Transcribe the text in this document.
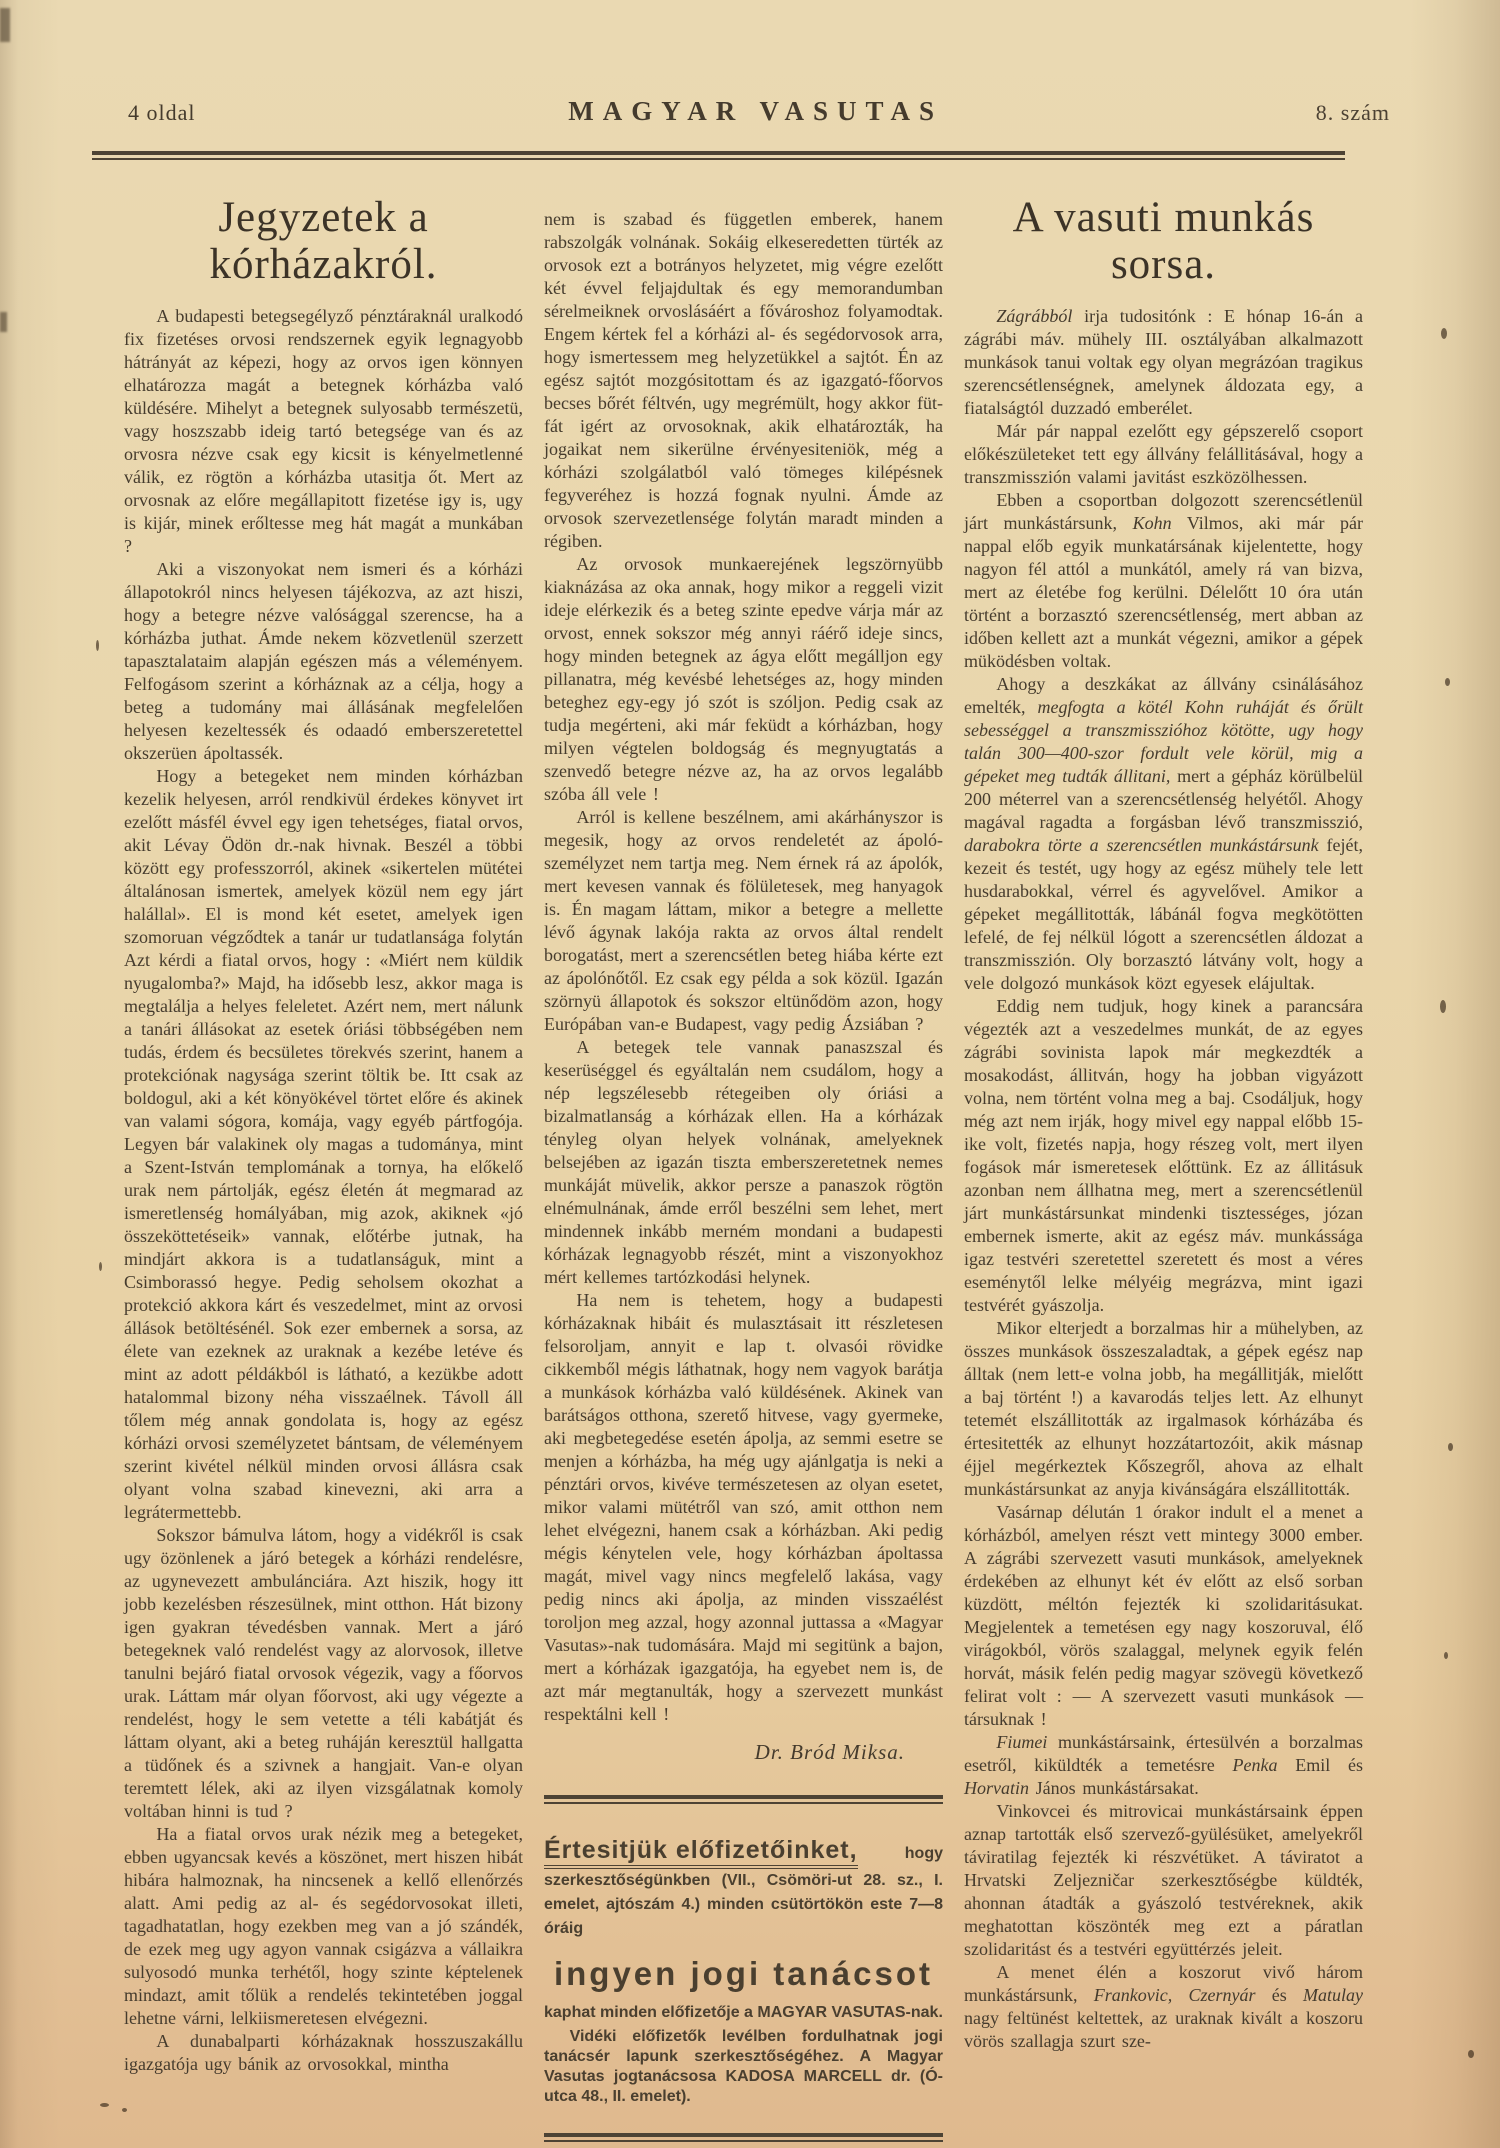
4 oldal	MAGYAR VASUTAS	8. szám
Jegyzetek a kórházakról.

A budapesti betegsegélyző pénztáraknál uralkodó fix fizetéses orvosi rendszernek egyik legnagyobb hátrányát az képezi, hogy az orvos igen könnyen elhatározza magát a betegnek kórházba való küldésére. Mihelyt a betegnek sulyosabb természetü, vagy hoszszabb ideig tartó betegsége van és az orvosra nézve csak egy kicsit is kényelmetlenné válik, ez rögtön a kórházba utasitja őt. Mert az orvosnak az előre megállapitott fizetése igy is, ugy is kijár, minek erőltesse meg hát magát a munkában ?

Aki a viszonyokat nem ismeri és a kórházi állapotokról nincs helyesen tájékozva, az azt hiszi, hogy a betegre nézve valósággal szerencse, ha a kórházba juthat. Ámde nekem közvetlenül szerzett tapasztalataim alapján egészen más a véleményem. Felfogásom szerint a kórháznak az a célja, hogy a beteg a tudomány mai állásának megfelelően helyesen kezeltessék és odaadó emberszeretettel okszerüen ápoltassék.

Hogy a betegeket nem minden kórházban kezelik helyesen, arról rendkivül érdekes könyvet irt ezelőtt másfél évvel egy igen tehetséges, fiatal orvos, akit Lévay Ödön dr.-nak hivnak. Beszél a többi között egy professzorról, akinek «sikertelen mütétei általánosan ismertek, amelyek közül nem egy járt halállal». El is mond két esetet, amelyek igen szomoruan végződtek a tanár ur tudatlansága folytán Azt kérdi a fiatal orvos, hogy : «Miért nem küldik nyugalomba?» Majd, ha idősebb lesz, akkor maga is megtalálja a helyes feleletet. Azért nem, mert nálunk a tanári állásokat az esetek óriási többségében nem tudás, érdem és becsületes törekvés szerint, hanem a protekciónak nagysága szerint töltik be. Itt csak az boldogul, aki a két könyökével törtet előre és akinek van valami sógora, komája, vagy egyéb pártfogója. Legyen bár valakinek oly magas a tudománya, mint a Szent-István templomának a tornya, ha előkelő urak nem pártolják, egész életén át megmarad az ismeretlenség homályában, mig azok, akiknek «jó összeköttetéseik» vannak, előtérbe jutnak, ha mindjárt akkora is a tudatlanságuk, mint a Csimborassó hegye. Pedig seholsem okozhat a protekció akkora kárt és veszedelmet, mint az orvosi állások betöltésénél. Sok ezer embernek a sorsa, az élete van ezeknek az uraknak a kezébe letéve és mint az adott példákból is látható, a kezükbe adott hatalommal bizony néha visszaélnek. Távoll áll tőlem még annak gondolata is, hogy az egész kórházi orvosi személyzetet bántsam, de véleményem szerint kivétel nélkül minden orvosi állásra csak olyant volna szabad kinevezni, aki arra a legrátermettebb.

Sokszor bámulva látom, hogy a vidékről is csak ugy özönlenek a járó betegek a kórházi rendelésre, az ugynevezett ambulánciára. Azt hiszik, hogy itt jobb kezelésben részesülnek, mint otthon. Hát bizony igen gyakran tévedésben vannak. Mert a járó betegeknek való rendelést vagy az alorvosok, illetve tanulni bejáró fiatal orvosok végezik, vagy a főorvos urak. Láttam már olyan főorvost, aki ugy végezte a rendelést, hogy le sem vetette a téli kabátját és láttam olyant, aki a beteg ruháján keresztül hallgatta a tüdőnek és a szivnek a hangjait. Van-e olyan teremtett lélek, aki az ilyen vizsgálatnak komoly voltában hinni is tud ?

Ha a fiatal orvos urak nézik meg a betegeket, ebben ugyancsak kevés a köszönet, mert hiszen hibát hibára halmoznak, ha nincsenek a kellő ellenőrzés alatt. Ami pedig az al- és segédorvosokat illeti, tagadhatatlan, hogy ezekben meg van a jó szándék, de ezek meg ugy agyon vannak csigázva a vállaikra sulyosodó munka terhétől, hogy szinte képtelenek mindazt, amit tőlük a rendelés tekintetében joggal lehetne várni, lelkiismeretesen elvégezni.

A dunabalparti kórházaknak hosszuszakállu igazgatója ugy bánik az orvosokkal, mintha

nem is szabad és független emberek, hanem rabszolgák volnának. Sokáig elkeseredetten türték az orvosok ezt a botrányos helyzetet, mig végre ezelőtt két évvel feljajdultak és egy memorandumban sérelmeiknek orvoslásáért a fővároshoz folyamodtak. Engem kértek fel a kórházi al- és segédorvosok arra, hogy ismertessem meg helyzetükkel a sajtót. Én az egész sajtót mozgósitottam és az igazgató-főorvos becses bőrét féltvén, ugy megrémült, hogy akkor füt-fát igért az orvosoknak, akik elhatározták, ha jogaikat nem sikerülne érvényesiteniök, még a kórházi szolgálatból való tömeges kilépésnek fegyveréhez is hozzá fognak nyulni. Ámde az orvosok szervezetlensége folytán maradt minden a régiben.

Az orvosok munkaerejének legszörnyübb kiaknázása az oka annak, hogy mikor a reggeli vizit ideje elérkezik és a beteg szinte epedve várja már az orvost, ennek sokszor még annyi ráérő ideje sincs, hogy minden betegnek az ágya előtt megálljon egy pillanatra, még kevésbé lehetséges az, hogy minden beteghez egy-egy jó szót is szóljon. Pedig csak az tudja megérteni, aki már feküdt a kórházban, hogy milyen végtelen boldogság és megnyugtatás a szenvedő betegre nézve az, ha az orvos legalább szóba áll vele !

Arról is kellene beszélnem, ami akárhányszor is megesik, hogy az orvos rendeletét az ápoló-személyzet nem tartja meg. Nem érnek rá az ápolók, mert kevesen vannak és fölületesek, meg hanyagok is. Én magam láttam, mikor a betegre a mellette lévő ágynak lakója rakta az orvos által rendelt borogatást, mert a szerencsétlen beteg hiába kérte ezt az ápolónőtől. Ez csak egy példa a sok közül. Igazán szörnyü állapotok és sokszor eltünődöm azon, hogy Európában van-e Budapest, vagy pedig Ázsiában ?

A betegek tele vannak panaszszal és keserüséggel és egyáltalán nem csudálom, hogy a nép legszélesebb rétegeiben oly óriási a bizalmatlanság a kórházak ellen. Ha a kórházak tényleg olyan helyek volnának, amelyeknek belsejében az igazán tiszta emberszeretetnek nemes munkáját müvelik, akkor persze a panaszok rögtön elnémulnának, ámde erről beszélni sem lehet, mert mindennek inkább merném mondani a budapesti kórházak legnagyobb részét, mint a viszonyokhoz mért kellemes tartózkodási helynek.

Ha nem is tehetem, hogy a budapesti kórházaknak hibáit és mulasztásait itt részletesen felsoroljam, annyit e lap t. olvasói rövidke cikkemből mégis láthatnak, hogy nem vagyok barátja a munkások kórházba való küldésének. Akinek van barátságos otthona, szerető hitvese, vagy gyermeke, aki megbetegedése esetén ápolja, az semmi esetre se menjen a kórházba, ha még ugy ajánlgatja is neki a pénztári orvos, kivéve természetesen az olyan esetet, mikor valami mütétről van szó, amit otthon nem lehet elvégezni, hanem csak a kórházban. Aki pedig mégis kénytelen vele, hogy kórházban ápoltassa magát, mivel vagy nincs megfelelő lakása, vagy pedig nincs aki ápolja, az minden visszaélést toroljon meg azzal, hogy azonnal juttassa a «Magyar Vasutas»-nak tudomására. Majd mi segitünk a bajon, mert a kórházak igazgatója, ha egyebet nem is, de azt már megtanulták, hogy a szervezett munkást respektálni kell !

Dr. Bród Miksa.

Értesitjük előfizetőinket,	hogy szerkesztőségünkben (VII., Csömöri-ut 28. sz., I. emelet, ajtószám 4.) minden csütörtökön este 7—8 óráig

ingyen jogi tanácsot

kaphat minden előfizetője a MAGYAR VASUTAS-nak.

Vidéki előfizetők levélben fordulhatnak jogi tanácsér lapunk szerkesztőségéhez. A Magyar Vasutas jogtanácsosa KADOSA MARCELL dr. (Ó-utca 48., II. emelet).

A vasuti munkás sorsa.

Zágrábból irja tudositónk : E hónap 16-án a zágrábi máv. mühely III. osztályában alkalmazott munkások tanui voltak egy olyan megrázóan tragikus szerencsétlenségnek, amelynek áldozata egy, a fiatalságtól duzzadó emberélet.

Már pár nappal ezelőtt egy gépszerelő csoport előkészületeket tett egy állvány felállitásával, hogy a transzmisszión valami javitást eszközölhessen.

Ebben a csoportban dolgozott szerencsétlenül járt munkástársunk, Kohn Vilmos, aki már pár nappal előb egyik munkatársának kijelentette, hogy nagyon fél attól a munkától, amely rá van bizva, mert az életébe fog kerülni. Délelőtt 10 óra után történt a borzasztó szerencsétlenség, mert abban az időben kellett azt a munkát végezni, amikor a gépek müködésben voltak.

Ahogy a deszkákat az állvány csinálásához emelték, megfogta a kötél Kohn ruháját és őrült sebességgel a transzmisszióhoz kötötte, ugy hogy talán 300—400-szor fordult vele körül, mig a gépeket meg tudták állitani, mert a gépház körülbelül 200 méterrel van a szerencsétlenség helyétől. Ahogy magával ragadta a forgásban lévő transzmisszió, darabokra törte a szerencsétlen munkástársunk fejét, kezeit és testét, ugy hogy az egész mühely tele lett husdarabokkal, vérrel és agyvelővel. Amikor a gépeket megállitották, lábánál fogva megkötötten lefelé, de fej nélkül lógott a szerencsétlen áldozat a transzmisszión. Oly borzasztó látvány volt, hogy a vele dolgozó munkások közt egyesek elájultak.

Eddig nem tudjuk, hogy kinek a parancsára végezték azt a veszedelmes munkát, de az egyes zágrábi sovinista lapok már megkezdték a mosakodást, állitván, hogy ha jobban vigyázott volna, nem történt volna meg a baj. Csodáljuk, hogy még azt nem irják, hogy mivel egy nappal előbb 15-ike volt, fizetés napja, hogy részeg volt, mert ilyen fogások már ismeretesek előttünk. Ez az állitásuk azonban nem állhatna meg, mert a szerencsétlenül járt munkástársunkat mindenki tisztességes, józan embernek ismerte, akit az egész máv. munkássága igaz testvéri szeretettel szeretett és most a véres eseménytől lelke mélyéig megrázva, mint igazi testvérét gyászolja.

Mikor elterjedt a borzalmas hir a mühelyben, az összes munkások összeszaladtak, a gépek egész nap álltak (nem lett-e volna jobb, ha megállitják, mielőtt a baj történt !) a kavarodás teljes lett. Az elhunyt tetemét elszállitották az irgalmasok kórházába és értesitették az elhunyt hozzátartozóit, akik másnap éjjel megérkeztek Kőszegről, ahova az elhalt munkástársunkat az anyja kivánságára elszállitották.

Vasárnap délután 1 órakor indult el a menet a kórházból, amelyen részt vett mintegy 3000 ember. A zágrábi szervezett vasuti munkások, amelyeknek érdekében az elhunyt két év előtt az első sorban küzdött, méltón fejezték ki szolidaritásukat. Megjelentek a temetésen egy nagy koszoruval, élő virágokból, vörös szalaggal, melynek egyik felén horvát, másik felén pedig magyar szövegü következő felirat volt : — A szervezett vasuti munkások — társuknak !

Fiumei munkástársaink, értesülvén a borzalmas esetről, kiküldték a temetésre Penka Emil és Horvatin János munkástársakat.

Vinkovcei és mitrovicai munkástársaink éppen aznap tartották első szervező-gyülésüket, amelyekről táviratilag fejezték ki részvétüket. A táviratot a Hrvatski Zeljezničar szerkesztőségbe küldték, ahonnan átadták a gyászoló testvéreknek, akik meghatottan köszönték meg ezt a páratlan szolidaritást és a testvéri együttérzés jeleit.

A menet élén a koszorut vivő három munkástársunk, Frankovic, Czernyár és Matulay nagy feltünést keltettek, az uraknak kivált a koszoru vörös szallagja szurt sze-
